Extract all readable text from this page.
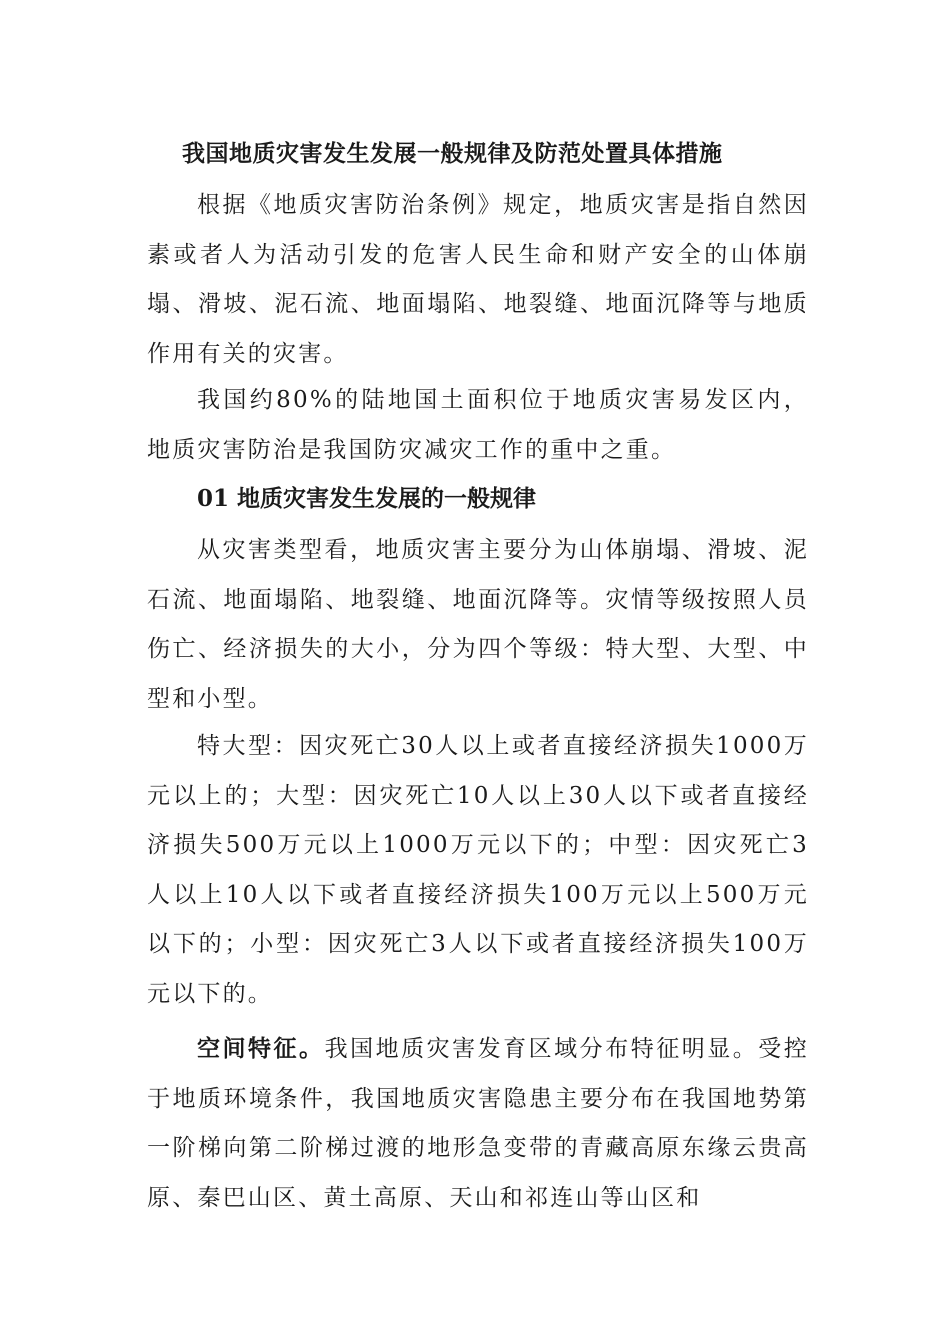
我国地质灾害发生发展一般规律及防范处置具体措施

根据《地质灾害防治条例》规定，地质灾害是指自然因素或者人为活动引发的危害人民生命和财产安全的山体崩塌、滑坡、泥石流、地面塌陷、地裂缝、地面沉降等与地质作用有关的灾害。

我国约80%的陆地国土面积位于地质灾害易发区内，地质灾害防治是我国防灾减灾工作的重中之重。

01 地质灾害发生发展的一般规律

从灾害类型看，地质灾害主要分为山体崩塌、滑坡、泥石流、地面塌陷、地裂缝、地面沉降等。灾情等级按照人员伤亡、经济损失的大小，分为四个等级：特大型、大型、中型和小型。

特大型：因灾死亡30人以上或者直接经济损失1000万元以上的；大型：因灾死亡10人以上30人以下或者直接经济损失500万元以上1000万元以下的；中型：因灾死亡3人以上10人以下或者直接经济损失100万元以上500万元以下的；小型：因灾死亡3人以下或者直接经济损失100万元以下的。

空间特征。我国地质灾害发育区域分布特征明显。受控于地质环境条件，我国地质灾害隐患主要分布在我国地势第一阶梯向第二阶梯过渡的地形急变带的青藏高原东缘云贵高原、秦巴山区、黄土高原、天山和祁连山等山区和
